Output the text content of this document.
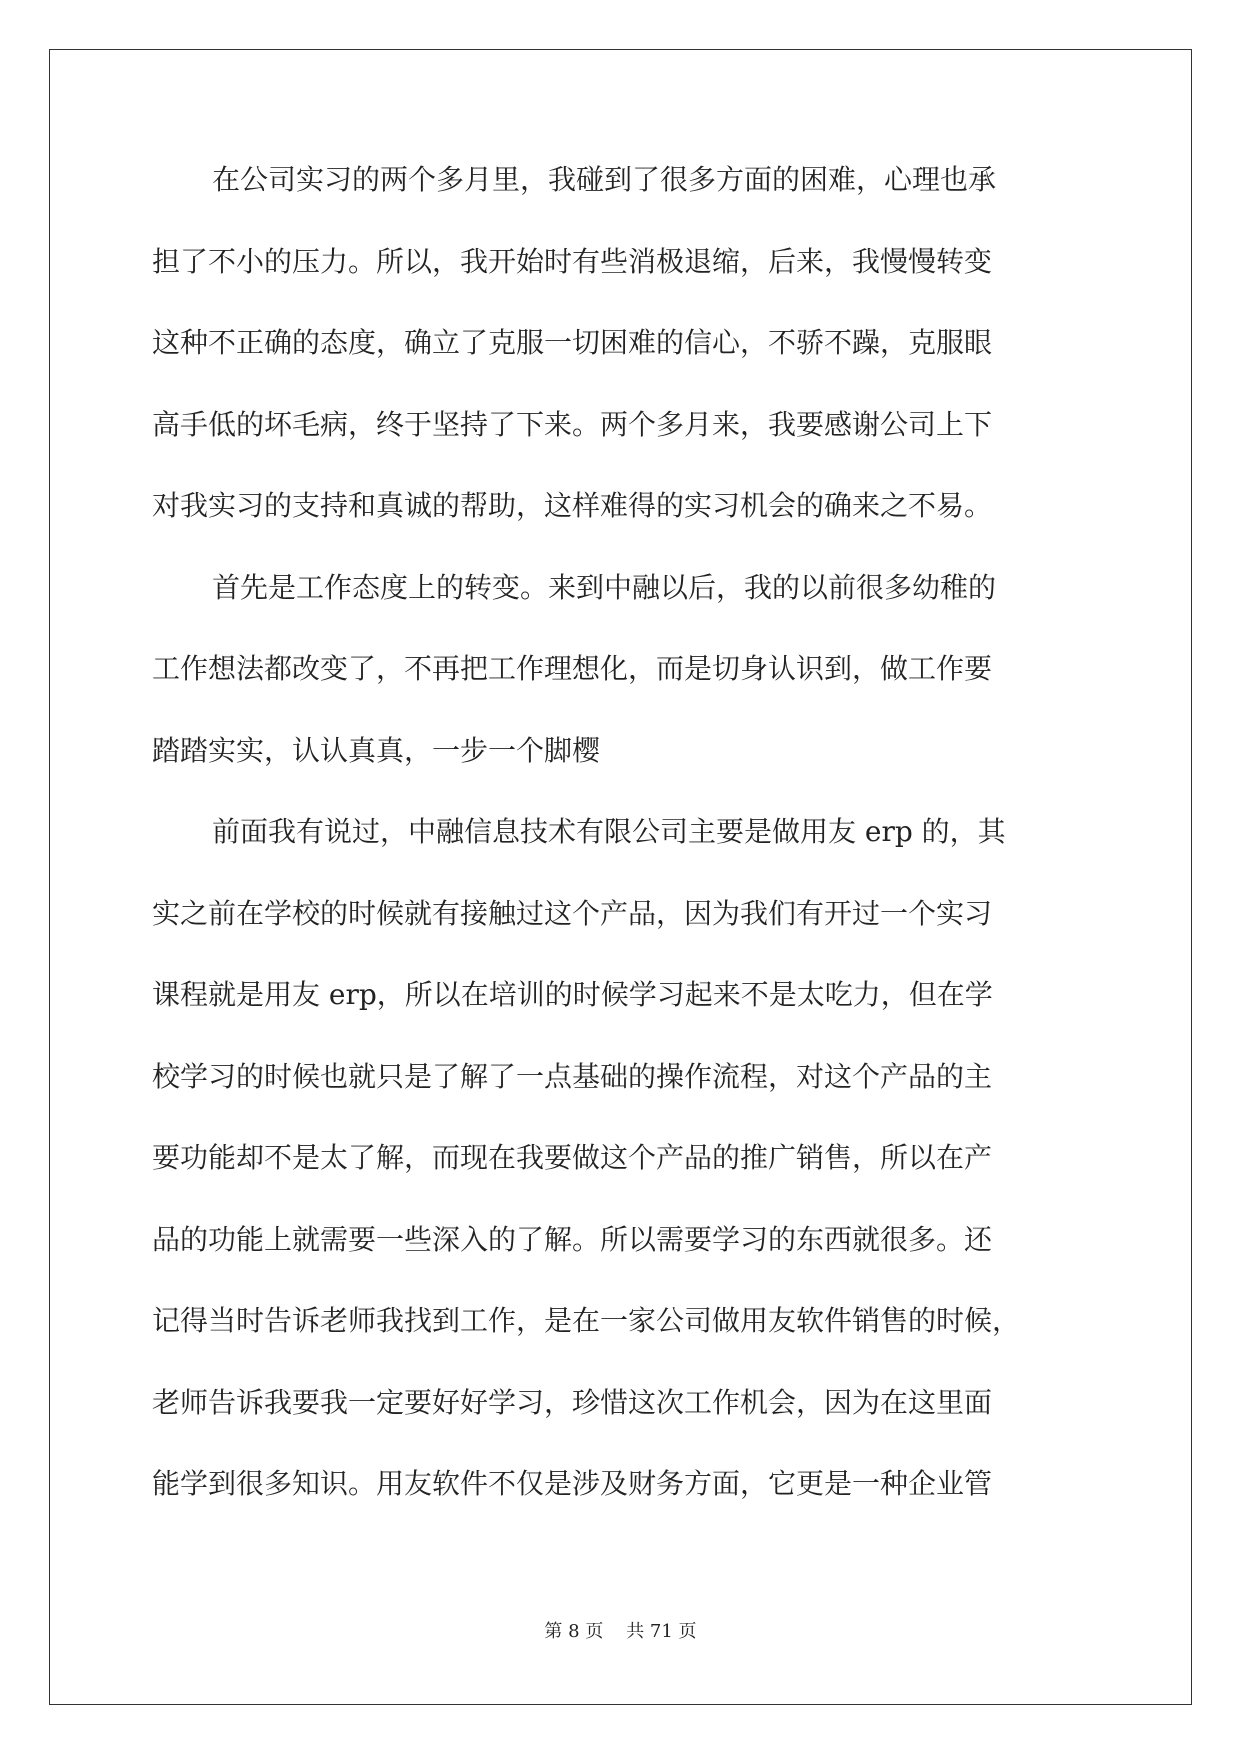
在公司实习的两个多月里，我碰到了很多方面的困难，心理也承
担了不小的压力。所以，我开始时有些消极退缩，后来，我慢慢转变
这种不正确的态度，确立了克服一切困难的信心，不骄不躁，克服眼
高手低的坏毛病，终于坚持了下来。两个多月来，我要感谢公司上下
对我实习的支持和真诚的帮助，这样难得的实习机会的确来之不易。
首先是工作态度上的转变。来到中融以后，我的以前很多幼稚的
工作想法都改变了，不再把工作理想化，而是切身认识到，做工作要
踏踏实实，认认真真，一步一个脚樱
前面我有说过，中融信息技术有限公司主要是做用友 erp 的，其
实之前在学校的时候就有接触过这个产品，因为我们有开过一个实习
课程就是用友 erp，所以在培训的时候学习起来不是太吃力，但在学
校学习的时候也就只是了解了一点基础的操作流程，对这个产品的主
要功能却不是太了解，而现在我要做这个产品的推广销售，所以在产
品的功能上就需要一些深入的了解。所以需要学习的东西就很多。还
记得当时告诉老师我找到工作，是在一家公司做用友软件销售的时候，
老师告诉我要我一定要好好学习，珍惜这次工作机会，因为在这里面
能学到很多知识。用友软件不仅是涉及财务方面，它更是一种企业管
第 8 页    共 71 页
